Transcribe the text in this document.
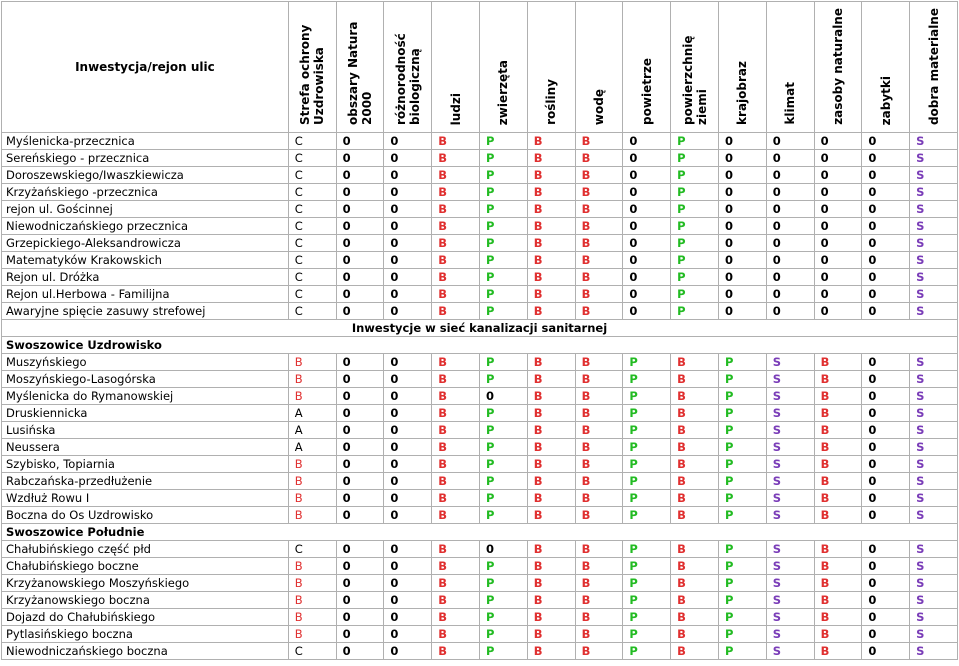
Inwestycja/rejon ulic	Strefa ochrony Uzdrowiska	obszary Natura 2000	różnorodność biologiczną	ludzi	zwierzęta	rośliny	wodę	powietrze	powierzchnię ziemi	krajobraz	klimat	zasoby naturalne	zabytki	dobra materialne
Myślenicka-przecznica	C	0	0	B	P	B	B	0	P	0	0	0	0	S
Sereńskiego - przecznica	C	0	0	B	P	B	B	0	P	0	0	0	0	S
Doroszewskiego/Iwaszkiewicza	C	0	0	B	P	B	B	0	P	0	0	0	0	S
Krzyżańskiego -przecznica	C	0	0	B	P	B	B	0	P	0	0	0	0	S
rejon ul. Gościnnej	C	0	0	B	P	B	B	0	P	0	0	0	0	S
Niewodniczańskiego przecznica	C	0	0	B	P	B	B	0	P	0	0	0	0	S
Grzepickiego-Aleksandrowicza	C	0	0	B	P	B	B	0	P	0	0	0	0	S
Matematyków Krakowskich	C	0	0	B	P	B	B	0	P	0	0	0	0	S
Rejon ul. Dróżka	C	0	0	B	P	B	B	0	P	0	0	0	0	S
Rejon ul.Herbowa - Familijna	C	0	0	B	P	B	B	0	P	0	0	0	0	S
Awaryjne spięcie zasuwy strefowej	C	0	0	B	P	B	B	0	P	0	0	0	0	S
Inwestycje w sieć kanalizacji sanitarnej														
Swoszowice Uzdrowisko														
Muszyńskiego	B	0	0	B	P	B	B	P	B	P	S	B	0	S
Moszyńskiego-Lasogórska	B	0	0	B	P	B	B	P	B	P	S	B	0	S
Myślenicka do Rymanowskiej	B	0	0	B	0	B	B	P	B	P	S	B	0	S
Druskiennicka	A	0	0	B	P	B	B	P	B	P	S	B	0	S
Lusińska	A	0	0	B	P	B	B	P	B	P	S	B	0	S
Neussera	A	0	0	B	P	B	B	P	B	P	S	B	0	S
Szybisko, Topiarnia	B	0	0	B	P	B	B	P	B	P	S	B	0	S
Rabczańska-przedłużenie	B	0	0	B	P	B	B	P	B	P	S	B	0	S
Wzdłuż Rowu I	B	0	0	B	P	B	B	P	B	P	S	B	0	S
Boczna do Os Uzdrowisko	B	0	0	B	P	B	B	P	B	P	S	B	0	S
Swoszowice Południe														
Chałubińskiego część płd	C	0	0	B	0	B	B	P	B	P	S	B	0	S
Chałubińskiego boczne	B	0	0	B	P	B	B	P	B	P	S	B	0	S
Krzyżanowskiego Moszyńskiego	B	0	0	B	P	B	B	P	B	P	S	B	0	S
Krzyżanowskiego boczna	B	0	0	B	P	B	B	P	B	P	S	B	0	S
Dojazd do Chałubińskiego	B	0	0	B	P	B	B	P	B	P	S	B	0	S
Pytlasińskiego boczna	B	0	0	B	P	B	B	P	B	P	S	B	0	S
Niewodniczańskiego boczna	C	0	0	B	P	B	B	P	B	P	S	B	0	S
